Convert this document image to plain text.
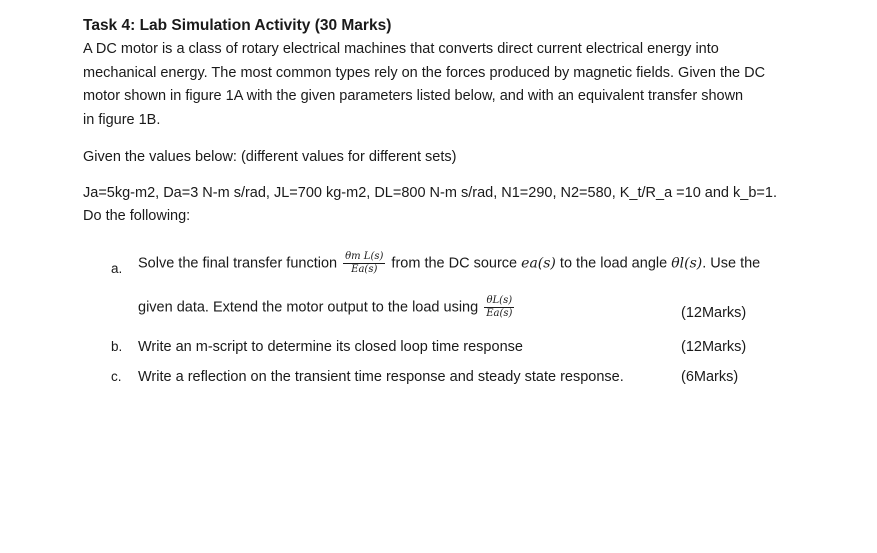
Task 4: Lab Simulation Activity (30 Marks)

A DC motor is a class of rotary electrical machines that converts direct current electrical energy into

mechanical energy. The most common types rely on the forces produced by magnetic fields. Given the DC

motor shown in figure 1A with the given parameters listed below, and with an equivalent transfer shown

in figure 1B.

Given the values below: (different values for different sets)

Ja=5kg-m2, Da=3 N-m s/rad, JL=700 kg-m2, DL=800 N-m s/rad, N1=290, N2=580, K_t/R_a =10 and k_b=1.

Do the following:

a.	Solve the final transfer function $\frac{\text{θm L(s)}}{Ea(s)}$ from the DC source ea(s) to the load angle θl(s). Use the
given data. Extend the motor output to the load using $\frac{\theta L(s)}{Ea(s)}$	(12Marks)
b.	Write an m-script to determine its closed loop time response	(12Marks)
c.	Write a reflection on the transient time response and steady state response.	(6Marks)
